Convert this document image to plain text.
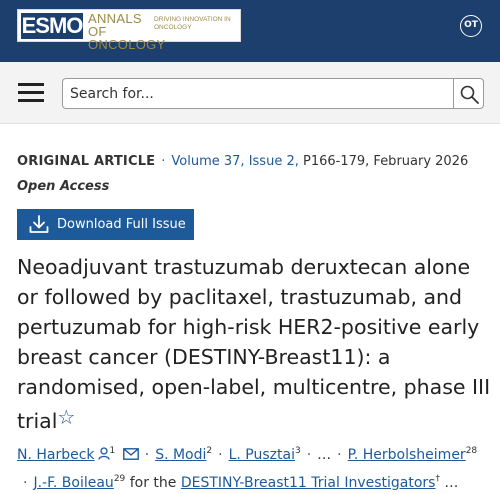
ESMO ANNALS OF ONCOLOGY
DRIVING INNOVATION IN ONCOLOGY	OT
Search for...
ORIGINAL ARTICLE · Volume 37, Issue 2, P166-179, February 2026
Open Access
Download Full Issue
Neoadjuvant trastuzumab deruxtecan alone or followed by paclitaxel, trastuzumab, and pertuzumab for high-risk HER2-positive early breast cancer (DESTINY-Breast11): a randomised, open-label, multicentre, phase III trial☆
N. Harbeck $^1$ · S. Modi$^2$ · L. Pusztai$^3$ · … · P. Herbolsheimer$^{28}$
· J.-F. Boileau$^{29}$ for the DESTINY-Breast11 Trial Investigators† …
